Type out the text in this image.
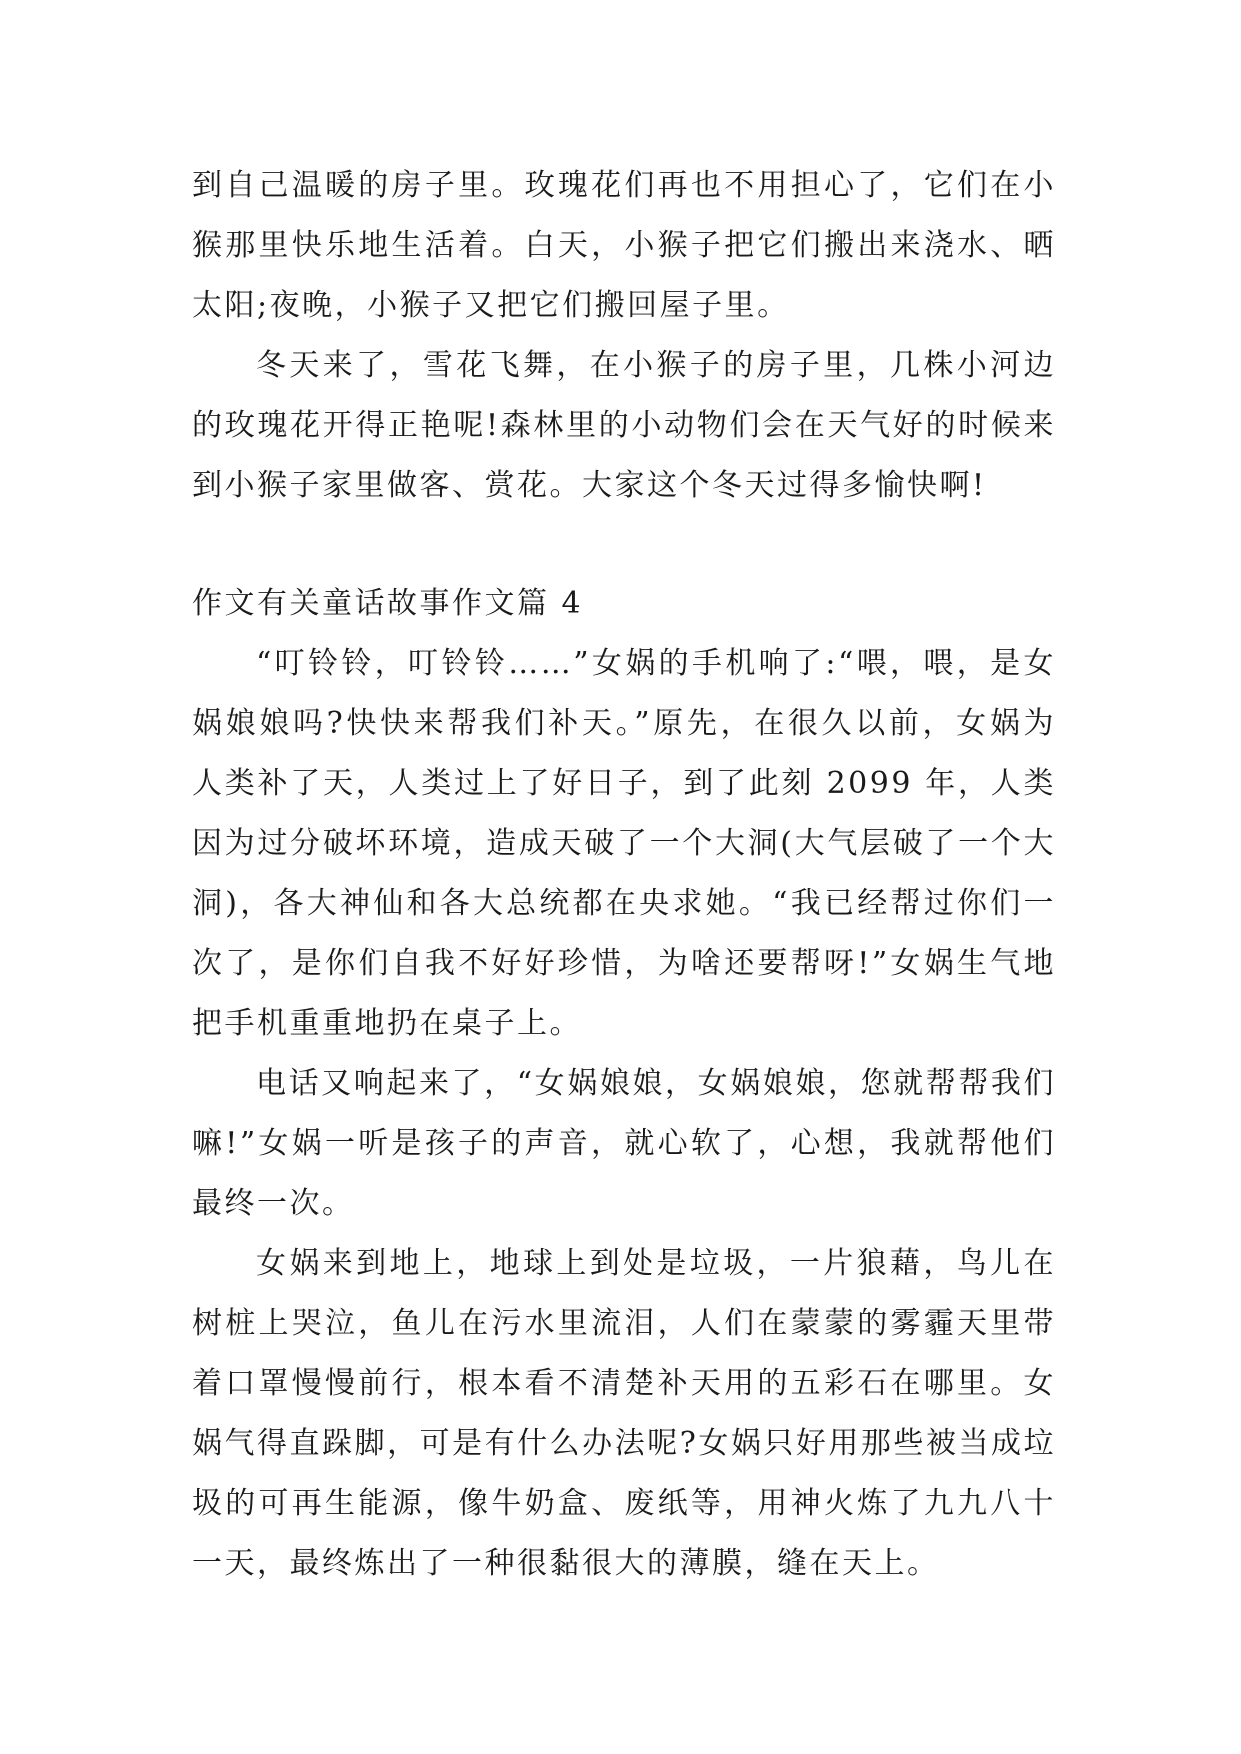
到自己温暖的房子里。玫瑰花们再也不用担心了，它们在小猴那里快乐地生活着。白天，小猴子把它们搬出来浇水、晒太阳;夜晚，小猴子又把它们搬回屋子里。

冬天来了，雪花飞舞，在小猴子的房子里，几株小河边的玫瑰花开得正艳呢!森林里的小动物们会在天气好的时候来到小猴子家里做客、赏花。大家这个冬天过得多愉快啊!

作文有关童话故事作文篇 4

“叮铃铃，叮铃铃……”女娲的手机响了:“喂，喂，是女娲娘娘吗?快快来帮我们补天。”原先，在很久以前，女娲为人类补了天，人类过上了好日子，到了此刻 2099 年，人类因为过分破坏环境，造成天破了一个大洞(大气层破了一个大洞)，各大神仙和各大总统都在央求她。“我已经帮过你们一次了，是你们自我不好好珍惜，为啥还要帮呀!”女娲生气地把手机重重地扔在桌子上。

电话又响起来了，“女娲娘娘，女娲娘娘，您就帮帮我们嘛!”女娲一听是孩子的声音，就心软了，心想，我就帮他们最终一次。

女娲来到地上，地球上到处是垃圾，一片狼藉，鸟儿在树桩上哭泣，鱼儿在污水里流泪，人们在蒙蒙的雾霾天里带着口罩慢慢前行，根本看不清楚补天用的五彩石在哪里。女娲气得直跺脚，可是有什么办法呢?女娲只好用那些被当成垃圾的可再生能源，像牛奶盒、废纸等，用神火炼了九九八十一天，最终炼出了一种很黏很大的薄膜，缝在天上。
